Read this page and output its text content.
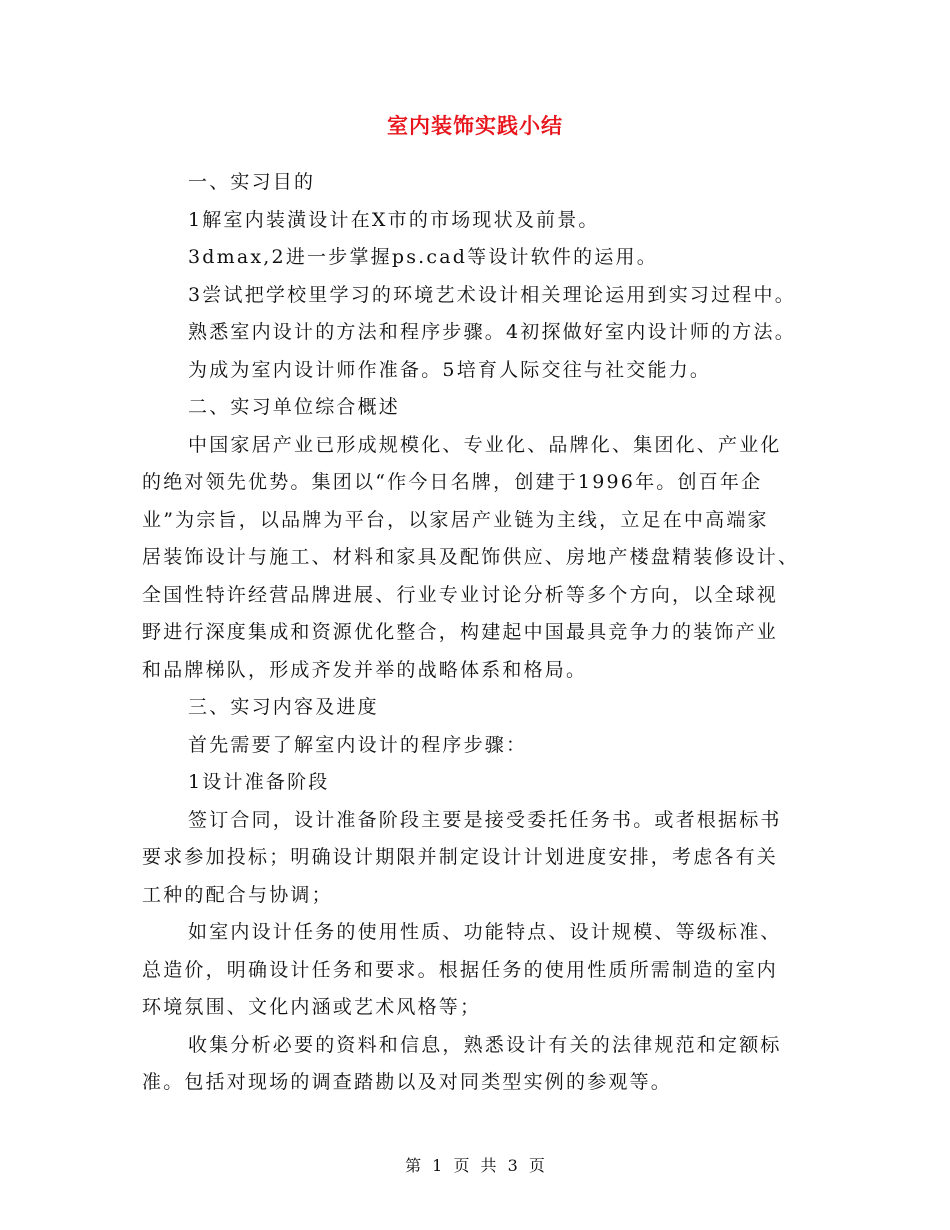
室内装饰实践小结
一、实习目的
1解室内装潢设计在X市的市场现状及前景。
3dmax,2进一步掌握ps.cad等设计软件的运用。
3尝试把学校里学习的环境艺术设计相关理论运用到实习过程中。
熟悉室内设计的方法和程序步骤。4初探做好室内设计师的方法。
为成为室内设计师作准备。5培育人际交往与社交能力。
二、实习单位综合概述
中国家居产业已形成规模化、专业化、品牌化、集团化、产业化
的绝对领先优势。集团以“作今日名牌，创建于1996年。创百年企
业”为宗旨，以品牌为平台，以家居产业链为主线，立足在中高端家
居装饰设计与施工、材料和家具及配饰供应、房地产楼盘精装修设计、
全国性特许经营品牌进展、行业专业讨论分析等多个方向，以全球视
野进行深度集成和资源优化整合，构建起中国最具竞争力的装饰产业
和品牌梯队，形成齐发并举的战略体系和格局。
三、实习内容及进度
首先需要了解室内设计的程序步骤：
1设计准备阶段
签订合同，设计准备阶段主要是接受委托任务书。或者根据标书
要求参加投标；明确设计期限并制定设计计划进度安排，考虑各有关
工种的配合与协调；
如室内设计任务的使用性质、功能特点、设计规模、等级标准、
总造价，明确设计任务和要求。根据任务的使用性质所需制造的室内
环境氛围、文化内涵或艺术风格等；
收集分析必要的资料和信息，熟悉设计有关的法律规范和定额标
准。包括对现场的调查踏勘以及对同类型实例的参观等。
第 1 页 共 3 页
